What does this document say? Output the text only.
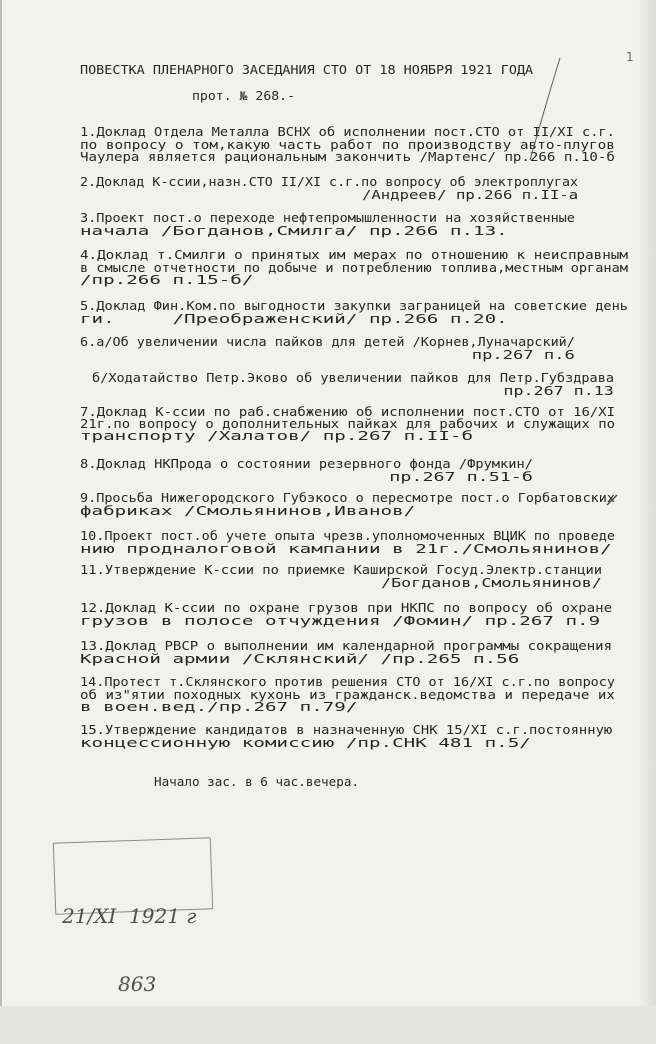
1
ПОВЕСТКА ПЛЕНАРНОГО ЗАСЕДАНИЯ СТО ОТ 18 НОЯБРЯ 1921 ГОДА
прот. № 268.-
1.Доклад Отдела Металла ВСНХ об исполнении пост.СТО от II/XI с.г.
по вопросу о том,какую часть работ по производству авто-плугов
Чаулера является рациональным закончить /Мартенс/ пр.266 п.10-б
2.Доклад К-ссии,назн.СТО II/XI с.г.по вопросу об электроплугах
/Андреев/ пр.266 п.II-а
3.Проект пост.о переходе нефтепромышленности на хозяйственные
начала /Богданов,Смилга/ пр.266 п.13.
4.Доклад т.Смилги о принятых им мерах по отношению к неисправным
в смысле отчетности по добыче и потреблению топлива,местным органам
/пр.266 п.15-б/
5.Доклад Фин.Ком.по выгодности закупки заграницей на советские день
ги.     /Преображенский/ пр.266 п.20.
6.а/Об увеличении числа пайков для детей /Корнев,Луначарский/
пр.267 п.6
б/Ходатайство Петр.Эково об увеличении пайков для Петр.Губздрава
пр.267 п.13
7.Доклад К-ссии по раб.снабжению об исполнении пост.СТО от 16/XI
21г.по вопросу о дополнительных пайках для рабочих и служащих по
транспорту /Халатов/ пр.267 п.II-б
8.Доклад НКПрода о состоянии резервного фонда /Фрумкин/
пр.267 п.51-б
9.Просьба Нижегородского Губэкосо о пересмотре пост.о Горбатовских
фабриках /Смольянинов,Иванов/
10.Проект пост.об учете опыта чрезв.уполномоченных ВЦИК по проведе
нию продналоговой кампании в 21г./Смольянинов/
11.Утверждение К-ссии по приемке Каширской Госуд.Электр.станции
/Богданов,Смольянинов/
12.Доклад К-ссии по охране грузов при НКПС по вопросу об охране
грузов в полосе отчуждения /Фомин/ пр.267 п.9
13.Доклад РВСР о выполнении им календарной программы сокращения
Красной армии /Склянский/ /пр.265 п.56
14.Протест т.Склянского против решения СТО от 16/XI с.г.по вопросу
об из"ятии походных кухонь из гражданск.ведомства и передаче их
в воен.вед./пр.267 п.79/
15.Утверждение кандидатов в назначенную СНК 15/XI с.г.постоянную
концессионную комиссию /пр.СНК 481 п.5/
Начало зас. в 6 час.вечера.

21/XI  1921 г

863
